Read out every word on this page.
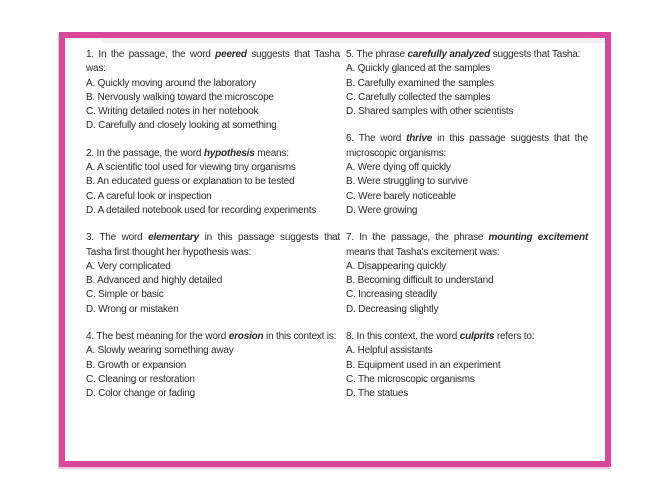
1. In the passage, the word peered suggests that Tasha was:
A. Quickly moving around the laboratory
B. Nervously walking toward the microscope
C. Writing detailed notes in her notebook
D. Carefully and closely looking at something
2. In the passage, the word hypothesis means:
A. A scientific tool used for viewing tiny organisms
B. An educated guess or explanation to be tested
C. A careful look or inspection
D. A detailed notebook used for recording experiments
3. The word elementary in this passage suggests that Tasha first thought her hypothesis was:
A. Very complicated
B. Advanced and highly detailed
C. Simple or basic
D. Wrong or mistaken
4. The best meaning for the word erosion in this context is:
A. Slowly wearing something away
B. Growth or expansion
C. Cleaning or restoration
D. Color change or fading
5. The phrase carefully analyzed suggests that Tasha:
A. Quickly glanced at the samples
B. Carefully examined the samples
C. Carefully collected the samples
D. Shared samples with other scientists
6. The word thrive in this passage suggests that the microscopic organisms:
A. Were dying off quickly
B. Were struggling to survive
C. Were barely noticeable
D. Were growing
7. In the passage, the phrase mounting excitement means that Tasha's excitement was:
A. Disappearing quickly
B. Becoming difficult to understand
C. Increasing steadily
D. Decreasing slightly
8. In this context, the word culprits refers to:
A. Helpful assistants
B. Equipment used in an experiment
C. The microscopic organisms
D. The statues
